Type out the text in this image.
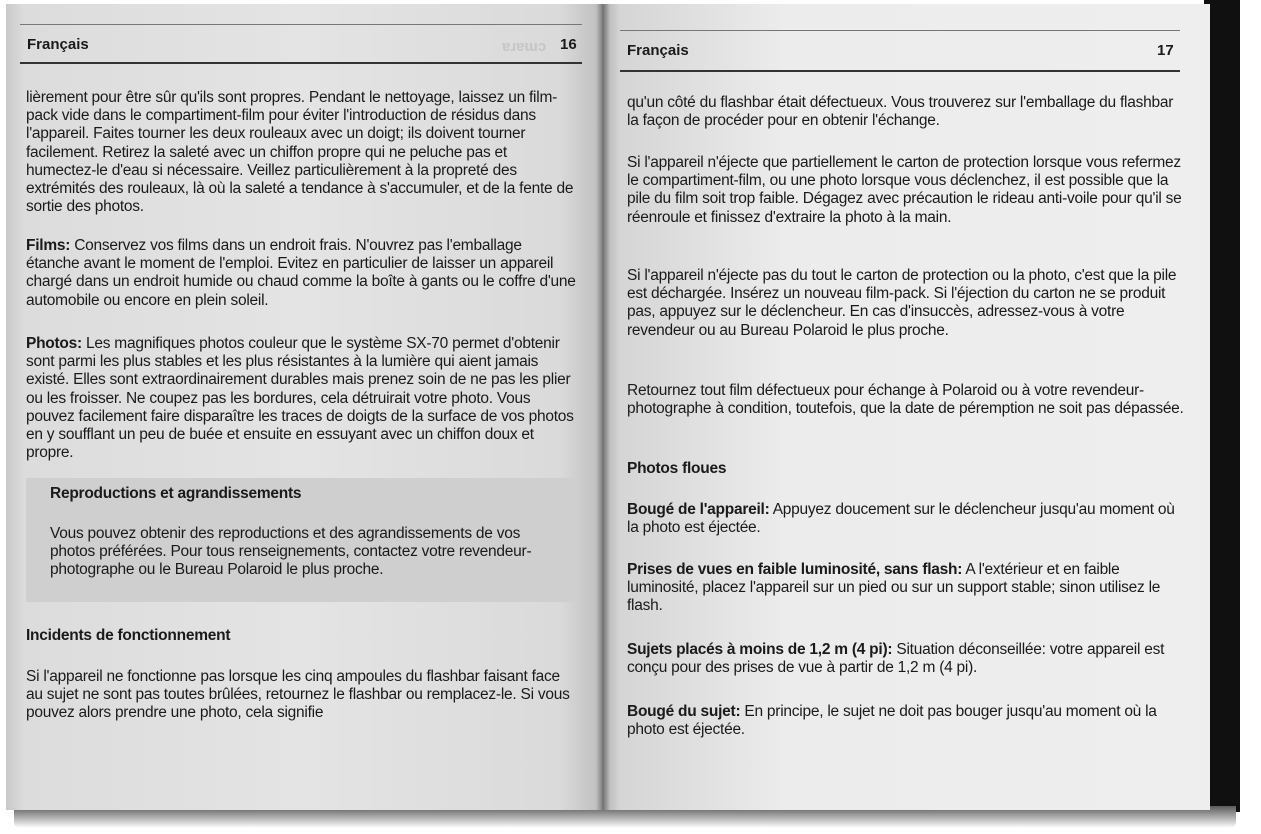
Français	ɐɹɐɯɔ 16
lièrement pour être sûr qu'ils sont propres. Pendant le nettoyage, laissez un film-pack vide dans le compartiment-film pour éviter l'introduction de résidus dans l'appareil. Faites tourner les deux rouleaux avec un doigt; ils doivent tourner facilement. Retirez la saleté avec un chiffon propre qui ne peluche pas et humectez-le d'eau si nécessaire. Veillez particulièrement à la propreté des extrémités des rouleaux, là où la saleté a tendance à s'accumuler, et de la fente de sortie des photos.
Films: Conservez vos films dans un endroit frais. N'ouvrez pas l'emballage étanche avant le moment de l'emploi. Evitez en particulier de laisser un appareil chargé dans un endroit humide ou chaud comme la boîte à gants ou le coffre d'une automobile ou encore en plein soleil.
Photos: Les magnifiques photos couleur que le système SX-70 permet d'obtenir sont parmi les plus stables et les plus résistantes à la lumière qui aient jamais existé. Elles sont extraordinairement durables mais prenez soin de ne pas les plier ou les froisser. Ne coupez pas les bordures, cela détruirait votre photo. Vous pouvez facilement faire disparaître les traces de doigts de la surface de vos photos en y soufflant un peu de buée et ensuite en essuyant avec un chiffon doux et propre.
Reproductions et agrandissements
Vous pouvez obtenir des reproductions et des agrandissements de vos photos préférées. Pour tous renseignements, contactez votre revendeur-photographe ou le Bureau Polaroid le plus proche.
Incidents de fonctionnement
Si l'appareil ne fonctionne pas lorsque les cinq ampoules du flashbar faisant face au sujet ne sont pas toutes brûlées, retournez le flashbar ou remplacez-le. Si vous pouvez alors prendre une photo, cela signifie
Français	17
qu'un côté du flashbar était défectueux. Vous trouverez sur l'emballage du flashbar la façon de procéder pour en obtenir l'échange.
Si l'appareil n'éjecte que partiellement le carton de protection lorsque vous refermez le compartiment-film, ou une photo lorsque vous déclenchez, il est possible que la pile du film soit trop faible. Dégagez avec précaution le rideau anti-voile pour qu'il se réenroule et finissez d'extraire la photo à la main.
Si l'appareil n'éjecte pas du tout le carton de protection ou la photo, c'est que la pile est déchargée. Insérez un nouveau film-pack. Si l'éjection du carton ne se produit pas, appuyez sur le déclencheur. En cas d'insuccès, adressez-vous à votre revendeur ou au Bureau Polaroid le plus proche.
Retournez tout film défectueux pour échange à Polaroid ou à votre revendeur-photographe à condition, toutefois, que la date de péremption ne soit pas dépassée.
Photos floues
Bougé de l'appareil: Appuyez doucement sur le déclencheur jusqu'au moment où la photo est éjectée.
Prises de vues en faible luminosité, sans flash: A l'extérieur et en faible luminosité, placez l'appareil sur un pied ou sur un support stable; sinon utilisez le flash.
Sujets placés à moins de 1,2 m (4 pi): Situation déconseillée: votre appareil est conçu pour des prises de vue à partir de 1,2 m (4 pi).
Bougé du sujet: En principe, le sujet ne doit pas bouger jusqu'au moment où la photo est éjectée.
